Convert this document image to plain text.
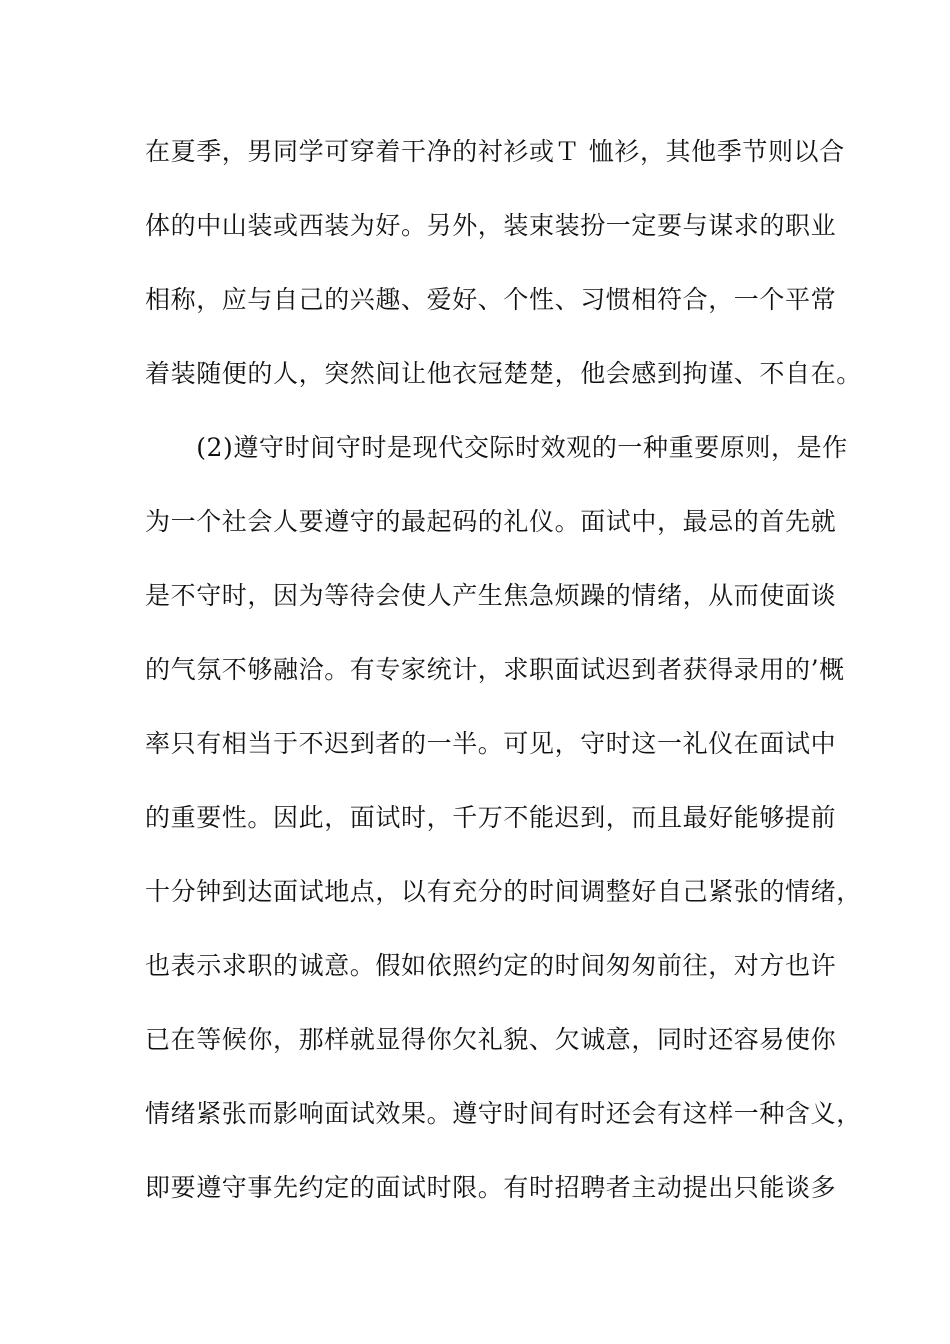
在夏季，男同学可穿着干净的衬衫或Ｔ 恤衫，其他季节则以合
体的中山装或西装为好。另外，装束装扮一定要与谋求的职业
相称，应与自己的兴趣、爱好、个性、习惯相符合，一个平常
着装随便的人，突然间让他衣冠楚楚，他会感到拘谨、不自在。
　　(2)遵守时间守时是现代交际时效观的一种重要原则，是作
为一个社会人要遵守的最起码的礼仪。面试中，最忌的首先就
是不守时，因为等待会使人产生焦急烦躁的情绪，从而使面谈
的气氛不够融洽。有专家统计，求职面试迟到者获得录用的’概
率只有相当于不迟到者的一半。可见，守时这一礼仪在面试中
的重要性。因此，面试时，千万不能迟到，而且最好能够提前
十分钟到达面试地点，以有充分的时间调整好自己紧张的情绪，
也表示求职的诚意。假如依照约定的时间匆匆前往，对方也许
已在等候你，那样就显得你欠礼貌、欠诚意，同时还容易使你
情绪紧张而影响面试效果。遵守时间有时还会有这样一种含义，
即要遵守事先约定的面试时限。有时招聘者主动提出只能谈多
